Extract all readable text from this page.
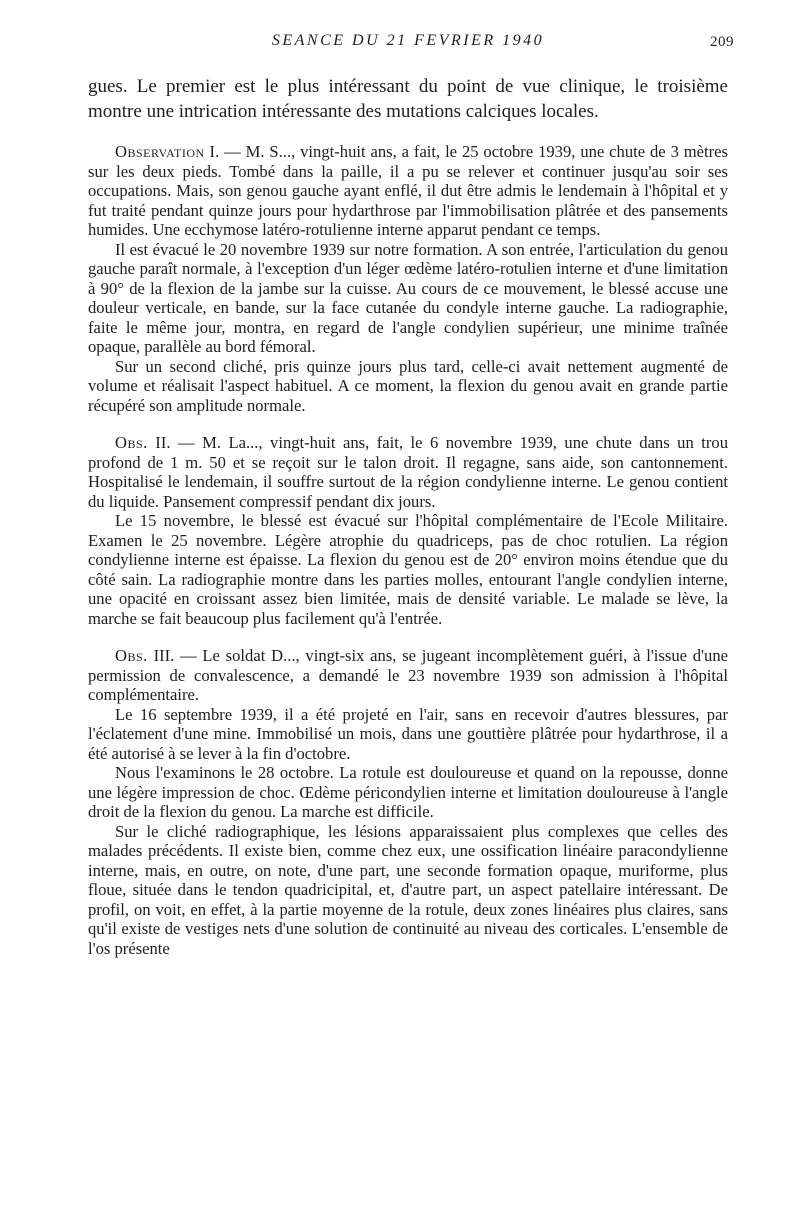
SEANCE DU 21 FEVRIER 1940	209

gues. Le premier est le plus intéressant du point de vue clinique, le troisième montre une intrication intéressante des mutations calciques locales.

Observation I. — M. S..., vingt-huit ans, a fait, le 25 octobre 1939, une chute de 3 mètres sur les deux pieds. Tombé dans la paille, il a pu se relever et continuer jusqu'au soir ses occupations. Mais, son genou gauche ayant enflé, il dut être admis le lendemain à l'hôpital et y fut traité pendant quinze jours pour hydarthrose par l'immobilisation plâtrée et des pansements humides. Une ecchymose latéro-rotulienne interne apparut pendant ce temps.

Il est évacué le 20 novembre 1939 sur notre formation. A son entrée, l'articulation du genou gauche paraît normale, à l'exception d'un léger œdème latéro-rotulien interne et d'une limitation à 90° de la flexion de la jambe sur la cuisse. Au cours de ce mouvement, le blessé accuse une douleur verticale, en bande, sur la face cutanée du condyle interne gauche. La radiographie, faite le même jour, montra, en regard de l'angle condylien supérieur, une minime traînée opaque, parallèle au bord fémoral.

Sur un second cliché, pris quinze jours plus tard, celle-ci avait nettement augmenté de volume et réalisait l'aspect habituel. A ce moment, la flexion du genou avait en grande partie récupéré son amplitude normale.

Obs. II. — M. La..., vingt-huit ans, fait, le 6 novembre 1939, une chute dans un trou profond de 1 m. 50 et se reçoit sur le talon droit. Il regagne, sans aide, son cantonnement. Hospitalisé le lendemain, il souffre surtout de la région condylienne interne. Le genou contient du liquide. Pansement compressif pendant dix jours.

Le 15 novembre, le blessé est évacué sur l'hôpital complémentaire de l'Ecole Militaire. Examen le 25 novembre. Légère atrophie du quadriceps, pas de choc rotulien. La région condylienne interne est épaisse. La flexion du genou est de 20° environ moins étendue que du côté sain. La radiographie montre dans les parties molles, entourant l'angle condylien interne, une opacité en croissant assez bien limitée, mais de densité variable. Le malade se lève, la marche se fait beaucoup plus facilement qu'à l'entrée.

Obs. III. — Le soldat D..., vingt-six ans, se jugeant incomplètement guéri, à l'issue d'une permission de convalescence, a demandé le 23 novembre 1939 son admission à l'hôpital complémentaire.

Le 16 septembre 1939, il a été projeté en l'air, sans en recevoir d'autres blessures, par l'éclatement d'une mine. Immobilisé un mois, dans une gouttière plâtrée pour hydarthrose, il a été autorisé à se lever à la fin d'octobre.

Nous l'examinons le 28 octobre. La rotule est douloureuse et quand on la repousse, donne une légère impression de choc. Œdème péricondylien interne et limitation douloureuse à l'angle droit de la flexion du genou. La marche est difficile.

Sur le cliché radiographique, les lésions apparaissaient plus complexes que celles des malades précédents. Il existe bien, comme chez eux, une ossification linéaire paracondylienne interne, mais, en outre, on note, d'une part, une seconde formation opaque, muriforme, plus floue, située dans le tendon quadricipital, et, d'autre part, un aspect patellaire intéressant. De profil, on voit, en effet, à la partie moyenne de la rotule, deux zones linéaires plus claires, sans qu'il existe de vestiges nets d'une solution de continuité au niveau des corticales. L'ensemble de l'os présente
